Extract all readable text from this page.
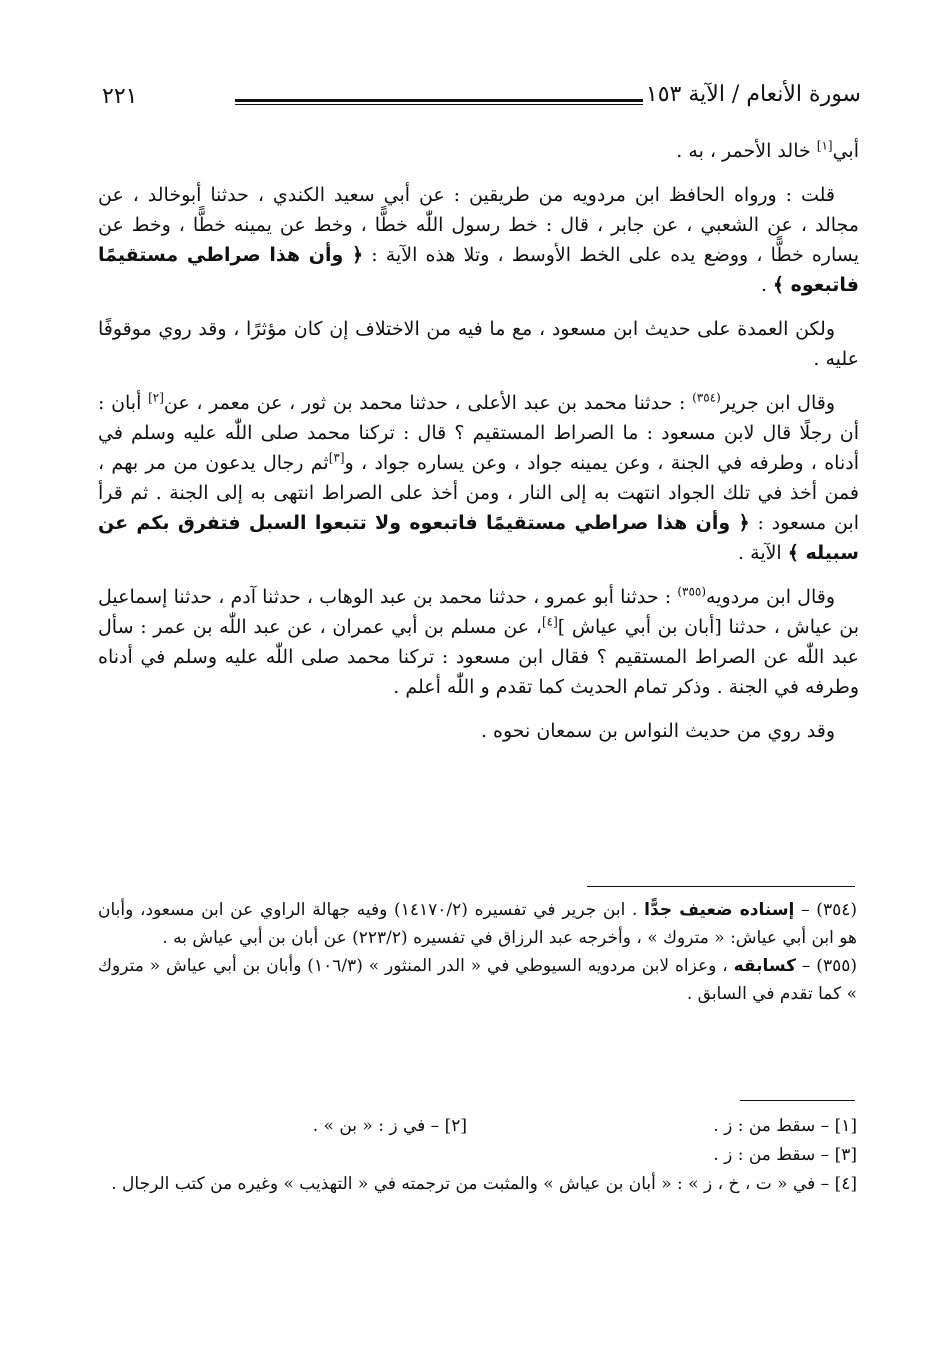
٢٢١	سورة الأنعام / الآية ١٥٣

أبي[١] خالد الأحمر ، به .

قلت : ورواه الحافظ ابن مردويه من طريقين : عن أبي سعيد الكندي ، حدثنا أبوخالد ، عن مجالد ، عن الشعبي ، عن جابر ، قال : خط رسول اللّٰه خطًّا ، وخط عن يمينه خطًّا ، وخط عن يساره خطًّا ، ووضع يده على الخط الأوسط ، وتلا هذه الآية : ﴿ وأن هذا صراطي مستقيمًا فاتبعوه ﴾ .

ولكن العمدة على حديث ابن مسعود ، مع ما فيه من الاختلاف إن كان مؤثرًا ، وقد روي موقوفًا عليه .

وقال ابن جرير$^{(٣٥٤)}$ : حدثنا محمد بن عبد الأعلى ، حدثنا محمد بن ثور ، عن معمر ، عن[٢] أبان : أن رجلًا قال لابن مسعود : ما الصراط المستقيم ؟ قال : تركنا محمد صلى اللّٰه عليه وسلم في أدناه ، وطرفه في الجنة ، وعن يمينه جواد ، وعن يساره جواد ، و[٣]ثم رجال يدعون من مر بهم ، فمن أخذ في تلك الجواد انتهت به إلى النار ، ومن أخذ على الصراط انتهى به إلى الجنة . ثم قرأ ابن مسعود : ﴿ وأن هذا صراطي مستقيمًا فاتبعوه ولا تتبعوا السبل فتفرق بكم عن سبيله ﴾ الآية .

وقال ابن مردويه$^{(٣٥٥)}$ : حدثنا أبو عمرو ، حدثنا محمد بن عبد الوهاب ، حدثنا آدم ، حدثنا إسماعيل بن عياش ، حدثنا [أبان بن أبي عياش ][٤]، عن مسلم بن أبي عمران ، عن عبد اللّٰه بن عمر : سأل عبد اللّٰه عن الصراط المستقيم ؟ فقال ابن مسعود : تركنا محمد صلى اللّٰه عليه وسلم في أدناه وطرفه في الجنة . وذكر تمام الحديث كما تقدم و اللّٰه أعلم .

وقد روي من حديث النواس بن سمعان نحوه .

(٣٥٤) – إسناده ضعيف جدًّا . ابن جرير في تفسيره (١٤١٧٠/٢) وفيه جهالة الراوي عن ابن مسعود، وأبان هو ابن أبي عياش: « متروك » ، وأخرجه عبد الرزاق في تفسيره (٢٢٣/٢) عن أبان بن أبي عياش به .

(٣٥٥) – كسابقه ، وعزاه لابن مردويه السيوطي في « الدر المنثور » (١٠٦/٣) وأبان بن أبي عياش « متروك » كما تقدم في السابق .

[١] – سقط من : ز .
[٢] – في ز : « بن » .

[٣] – سقط من : ز .

[٤] – في « ت ، خ ، ز » : « أبان بن عياش » والمثبت من ترجمته في « التهذيب » وغيره من كتب الرجال .
